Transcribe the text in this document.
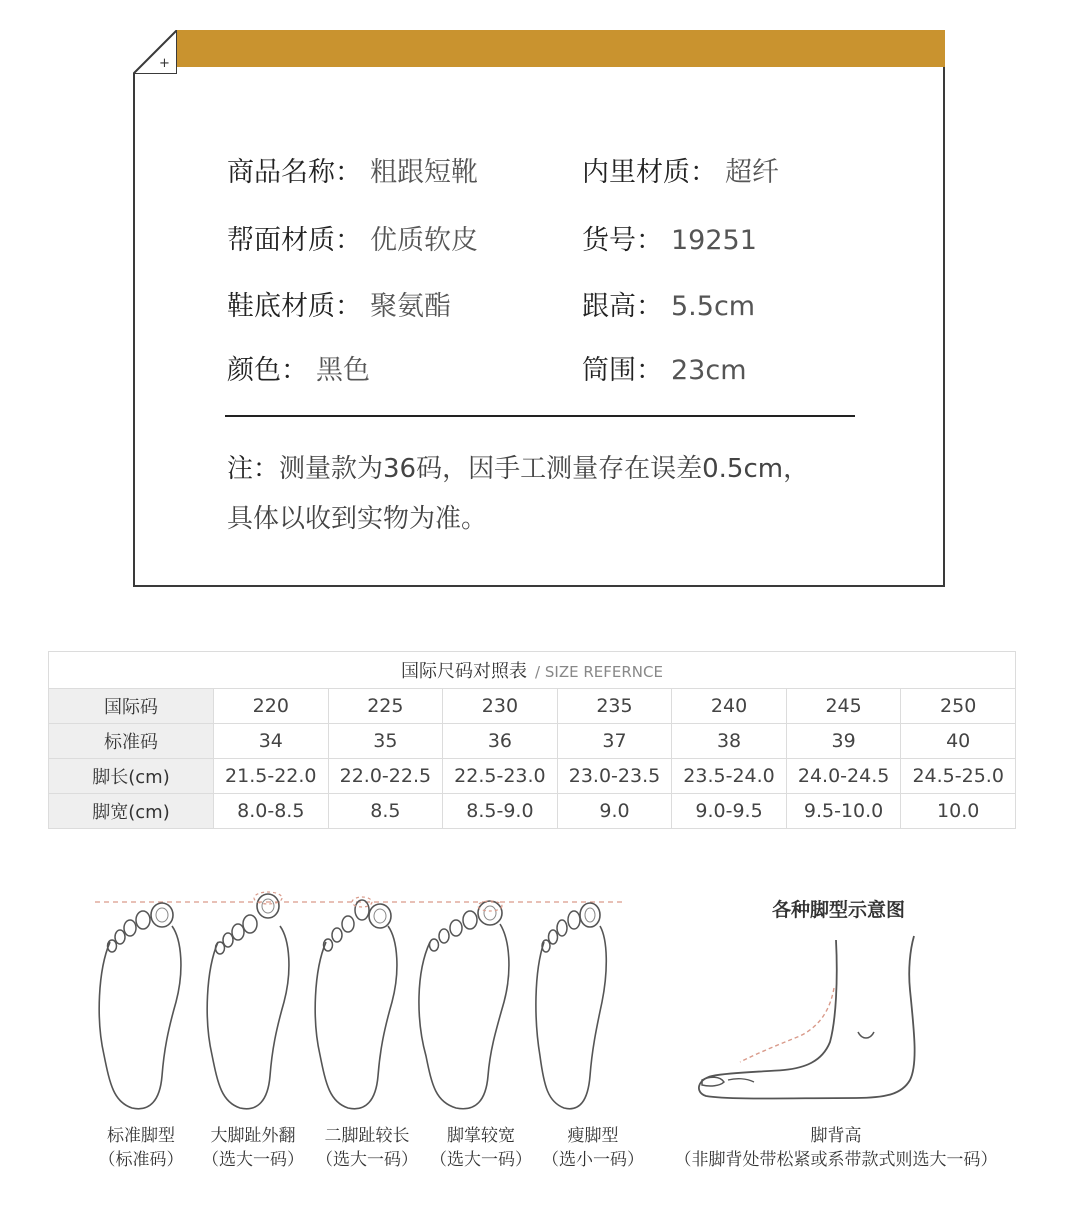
+
商品名称： 粗跟短靴
帮面材质： 优质软皮
鞋底材质： 聚氨酯
颜色： 黑色
内里材质： 超纤
货号： 19251
跟高： 5.5cm
筒围： 23cm
注：测量款为36码，因手工测量存在误差0.5cm，
具体以收到实物为准。
国际尺码对照表 / SIZE REFERNCE							
国际码	220	225	230	235	240	245	250
标准码	34	35	36	37	38	39	40
脚长(cm)	21.5-22.0	22.0-22.5	22.5-23.0	23.0-23.5	23.5-24.0	24.0-24.5	24.5-25.0
脚宽(cm)	8.0-8.5	8.5	8.5-9.0	9.0	9.0-9.5	9.5-10.0	10.0
标准脚型
（标准码）
大脚趾外翻
（选大一码）
二脚趾较长
（选大一码）
脚掌较宽
（选大一码）
瘦脚型
（选小一码）
各种脚型示意图
脚背高
（非脚背处带松紧或系带款式则选大一码）
